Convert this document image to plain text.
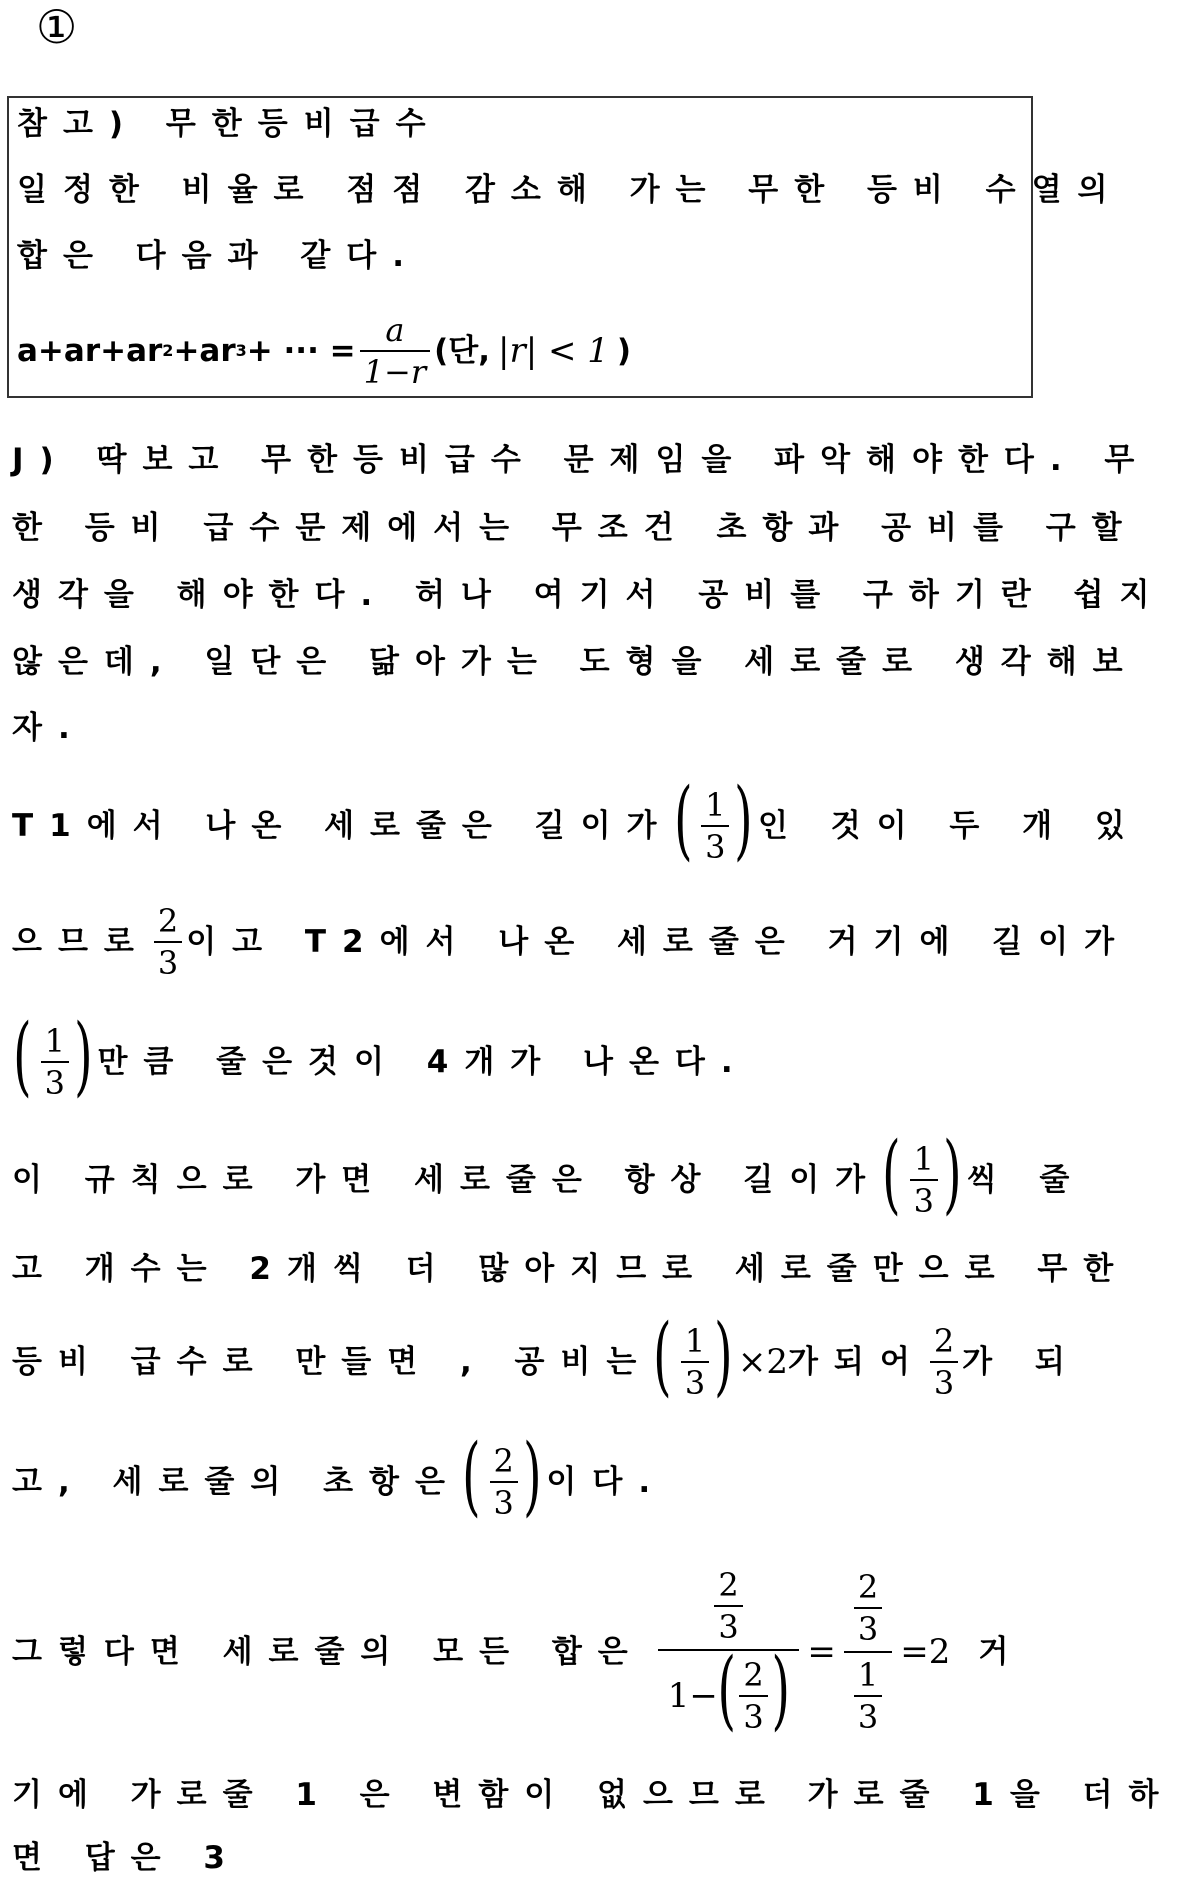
①
참고) 무한등비급수
일정한 비율로 점점 감소해 가는 무한 등비 수열의
합은 다음과 같다.
a+ar+ar 2 +ar 3 + ··· = $\frac{a}{1-r}$ (단, |r| < 1 )
J) 딱보고 무한등비급수 문제임을 파악해야한다. 무
한 등비 급수문제에서는 무조건 초항과 공비를 구할
생각을 해야한다. 허나 여기서 공비를 구하기란 쉽지
않은데, 일단은 닮아가는 도형을 세로줄로 생각해보
자.
T1에서 나온 세로줄은 길이가 ( $\frac{1}{3}$ ) 인 것이 두 개 있
으므로 $\frac{2}{3}$ 이고 T2에서 나온 세로줄은 거기에 길이가
( $\frac{1}{3}$ ) 만큼 줄은것이 4개가 나온다.
이 규칙으로 가면 세로줄은 항상 길이가 ( $\frac{1}{3}$ ) 씩 줄
고 개수는 2개씩 더 많아지므로 세로줄만으로 무한
등비 급수로 만들면 , 공비는 ( $\frac{1}{3}$ ) ×2 가되어 $\frac{2}{3}$ 가 되
고, 세로줄의 초항은 ( $\frac{2}{3}$ ) 이다.
그렇다면 세로줄의 모든 합은 $\frac{\frac{2}{3}}{1- ( \frac{2}{3} )} = \frac{\frac{2}{3}}{\frac{1}{3}} =2$ 거
기에 가로줄 1 은 변함이 없으므로 가로줄 1을 더하
면 답은 3
